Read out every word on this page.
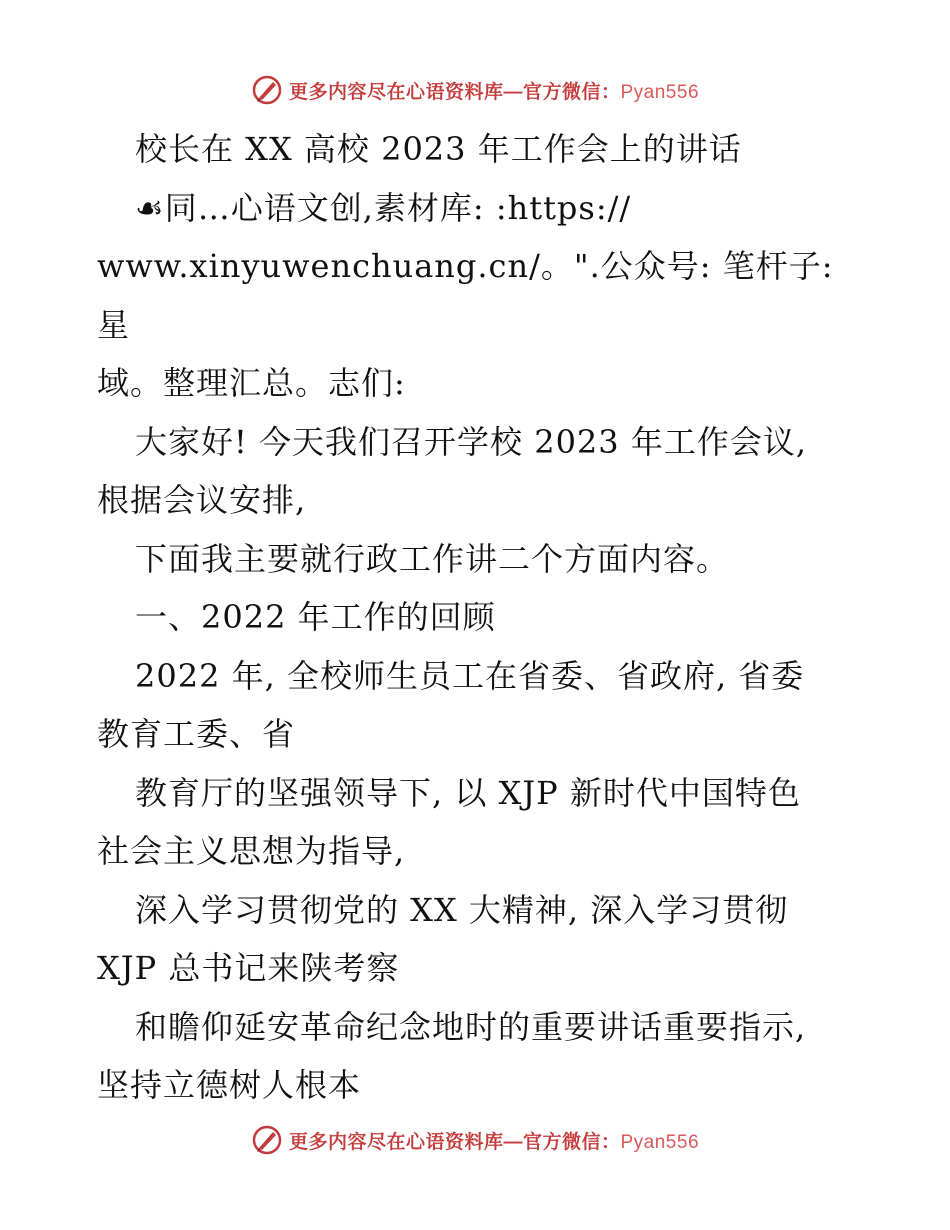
更多内容尽在心语资料库—官方微信：Pyan556

校长在 XX 高校 2023 年工作会上的讲话

☙同…心语文创,素材库: :https://

www.xinyuwenchuang.cn/。".公众号: 笔杆子:星

域。整理汇总。志们:

大家好! 今天我们召开学校 2023 年工作会议,

根据会议安排,

下面我主要就行政工作讲二个方面内容。

一、2022 年工作的回顾

2022 年, 全校师生员工在省委、省政府, 省委

教育工委、省

教育厅的坚强领导下, 以 XJP 新时代中国特色

社会主义思想为指导,

深入学习贯彻党的 XX 大精神, 深入学习贯彻

XJP 总书记来陕考察

和瞻仰延安革命纪念地时的重要讲话重要指示,

坚持立德树人根本

更多内容尽在心语资料库—官方微信：Pyan556
